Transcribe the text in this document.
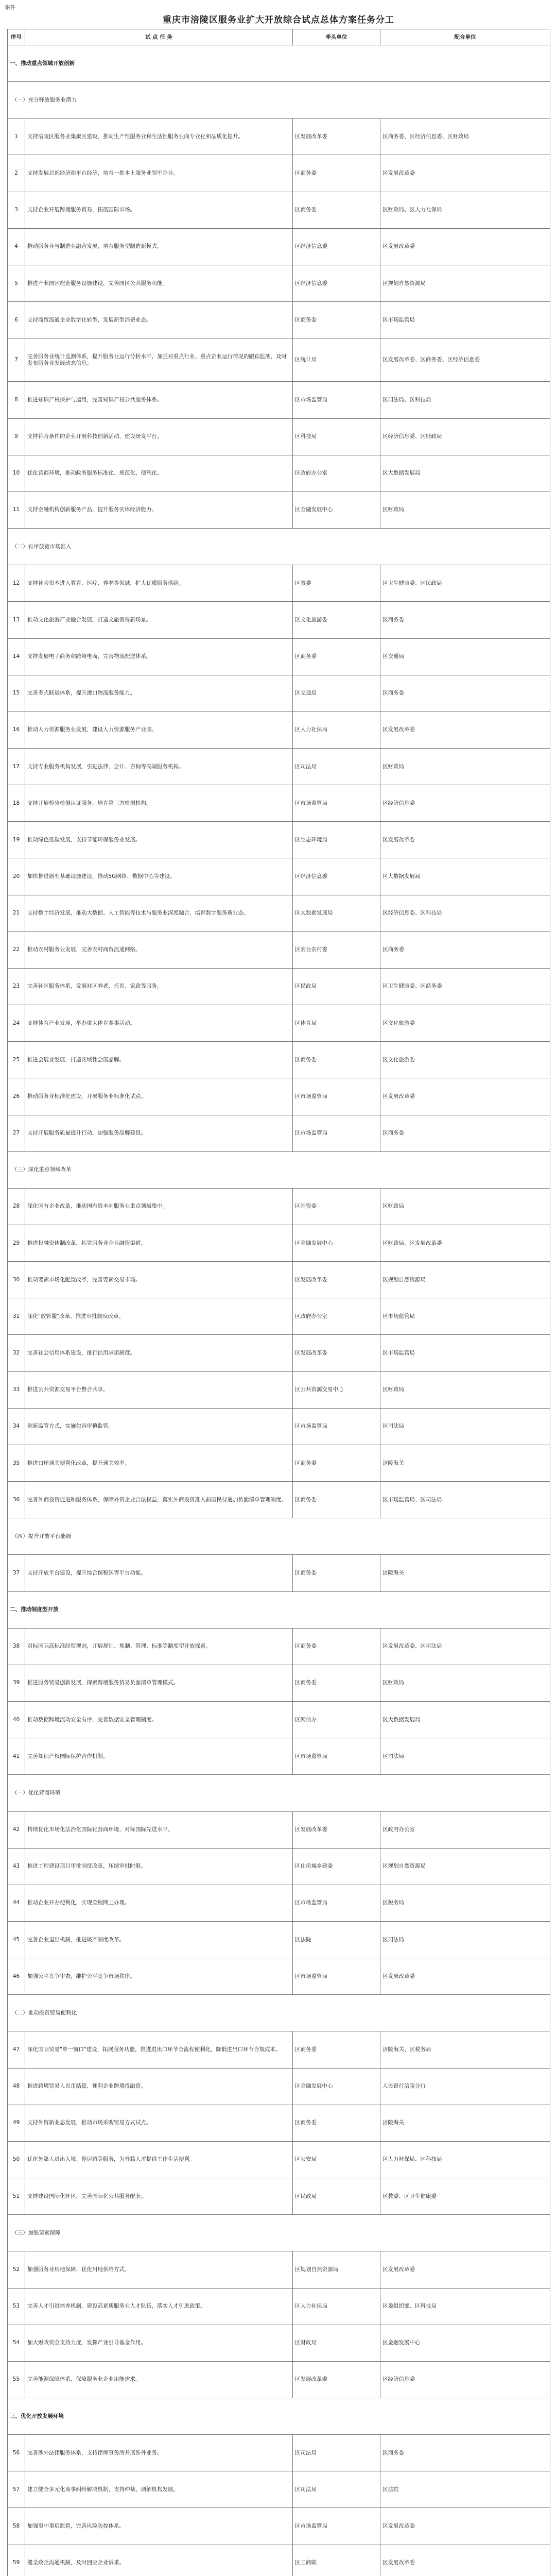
附件
重庆市涪陵区服务业扩大开放综合试点总体方案任务分工
序号	试 点 任 务	牵头单位	配合单位
一、推动重点领域开放创新			
（一）充分释放服务业潜力			
1	支持涪陵区服务业集聚区建设，推动生产性服务业和生活性服务业向专业化和品质化提升。	区发展改革委	区商务委、区经济信息委、区财政局
2	支持发展总部经济和平台经济，培育一批本土服务业领军企业。	区商务委	区发展改革委
3	支持企业开展跨境服务贸易，拓展国际市场。	区商务委	区财政局、区人力社保局
4	推动服务业与制造业融合发展，培育服务型制造新模式。	区经济信息委	区发展改革委
5	推进产业园区配套服务设施建设，完善园区公共服务功能。	区经济信息委	区规划自然资源局
6	支持商贸流通企业数字化转型，发展新型消费业态。	区商务委	区市场监管局
7	完善服务业统计监测体系，提升服务业运行分析水平，加强对重点行业、重点企业运行情况的跟踪监测，及时发布服务业发展动态信息。	区统计局	区发展改革委、区商务委、区经济信息委
8	推进知识产权保护与运用，完善知识产权公共服务体系。	区市场监管局	区司法局、区科技局
9	支持符合条件的企业开展科技创新活动，建设研发平台。	区科技局	区经济信息委、区财政局
10	优化营商环境，推动政务服务标准化、规范化、便利化。	区政府办公室	区大数据发展局
11	支持金融机构创新服务产品，提升服务实体经济能力。	区金融发展中心	区财政局
（二）有序放宽市场准入			
12	支持社会资本进入教育、医疗、养老等领域，扩大优质服务供给。	区教委	区卫生健康委、区民政局
13	推动文化旅游产业融合发展，打造文旅消费新场景。	区文化旅游委	区商务委
14	支持发展电子商务和跨境电商，完善物流配送体系。	区商务委	区交通局
15	完善多式联运体系，提升港口物流服务能力。	区交通局	区商务委
16	推动人力资源服务业发展，建设人力资源服务产业园。	区人力社保局	区发展改革委
17	支持专业服务机构发展，引进法律、会计、咨询等高端服务机构。	区司法局	区财政局
18	支持开展检验检测认证服务，培育第三方检测机构。	区市场监管局	区经济信息委
19	推动绿色低碳发展，支持节能环保服务业发展。	区生态环境局	区发展改革委
20	加快推进新型基础设施建设，推动5G网络、数据中心等建设。	区经济信息委	区大数据发展局
21	支持数字经济发展，推动大数据、人工智能等技术与服务业深度融合，培育数字服务新业态。	区大数据发展局	区经济信息委、区科技局
22	推动农村服务业发展，完善农村商贸流通网络。	区农业农村委	区商务委
23	完善社区服务体系，发展社区养老、托育、家政等服务。	区民政局	区卫生健康委、区商务委
24	支持体育产业发展，举办重大体育赛事活动。	区体育局	区文化旅游委
25	推进会展业发展，打造区域性会展品牌。	区商务委	区文化旅游委
26	推动服务业标准化建设，开展服务业标准化试点。	区市场监管局	区发展改革委
27	支持开展服务质量提升行动，加强服务品牌建设。	区市场监管局	区商务委
（三）深化重点领域改革			
28	深化国有企业改革，推动国有资本向服务业重点领域集中。	区国资委	区财政局
29	推进投融资体制改革，拓宽服务业企业融资渠道。	区金融发展中心	区财政局、区发展改革委
30	推动要素市场化配置改革，完善要素交易市场。	区发展改革委	区规划自然资源局
31	深化"放管服"改革，推进审批制度改革。	区政府办公室	区市场监管局
32	完善社会信用体系建设，推行信用承诺制度。	区发展改革委	区市场监管局
33	推进公共资源交易平台整合共享。	区公共资源交易中心	区财政局
34	创新监管方式，实施包容审慎监管。	区市场监管局	区司法局
35	推进口岸通关便利化改革，提升通关效率。	区商务委	涪陵海关
36	完善外商投资促进和服务体系，保障外资企业合法权益，落实外商投资准入前国民待遇加负面清单管理制度。	区商务委	区市场监管局、区司法局
（四）提升开放平台能级			
37	支持开放平台建设，提升综合保税区等平台功能。	区商务委	涪陵海关
二、推动制度型开放			
38	对标国际高标准经贸规则，开展规则、规制、管理、标准等制度型开放探索。	区商务委	区发展改革委、区司法局
39	推进服务贸易创新发展，探索跨境服务贸易负面清单管理模式。	区商务委	区财政局
40	推动数据跨境流动安全有序，完善数据安全管理制度。	区网信办	区大数据发展局
41	完善知识产权国际保护合作机制。	区市场监管局	区司法局
（一）优化营商环境			
42	持续优化市场化法治化国际化营商环境，对标国际先进水平。	区发展改革委	区政府办公室
43	推进工程建设项目审批制度改革，压缩审批时限。	区住房城乡建委	区规划自然资源局
44	推动企业开办便利化，实现全程网上办理。	区市场监管局	区税务局
45	完善企业退出机制，推进破产制度改革。	区法院	区司法局
46	加强公平竞争审查，维护公平竞争市场秩序。	区市场监管局	区发展改革委
（二）推动投资贸易便利化			
47	深化国际贸易"单一窗口"建设，拓展服务功能，推进进出口环节全流程便利化，降低进出口环节合规成本。	区商务委	涪陵海关、区税务局
48	推进跨境贸易人民币结算，便利企业跨境投融资。	区金融发展中心	人民银行涪陵分行
49	支持外贸新业态发展，推动市场采购贸易方式试点。	区商务委	涪陵海关
50	优化外籍人员出入境、停居留等服务，为外籍人才提供工作生活便利。	区公安局	区人力社保局、区科技局
51	支持建设国际化社区，完善国际化公共服务配套。	区民政局	区教委、区卫生健康委
（三）加强要素保障			
52	加强服务业用地保障，优化用地供给方式。	区规划自然资源局	区发展改革委
53	完善人才引进培养机制，建设高素质服务业人才队伍，落实人才引进政策。	区人力社保局	区委组织部、区科技局
54	加大财政资金支持力度，发挥产业引导基金作用。	区财政局	区金融发展中心
55	完善能源保障体系，保障服务业企业用能需求。	区发展改革委	区经济信息委
三、优化开放发展环境			
56	完善涉外法律服务体系，支持律师事务所开展涉外业务。	区司法局	区商务委
57	建立健全多元化商事纠纷解决机制，支持仲裁、调解机构发展。	区司法局	区法院
58	加强事中事后监管，完善风险防控体系。	区市场监管局	区发展改革委
59	健全政企沟通机制，及时回应企业诉求。	区工商联	区发展改革委
